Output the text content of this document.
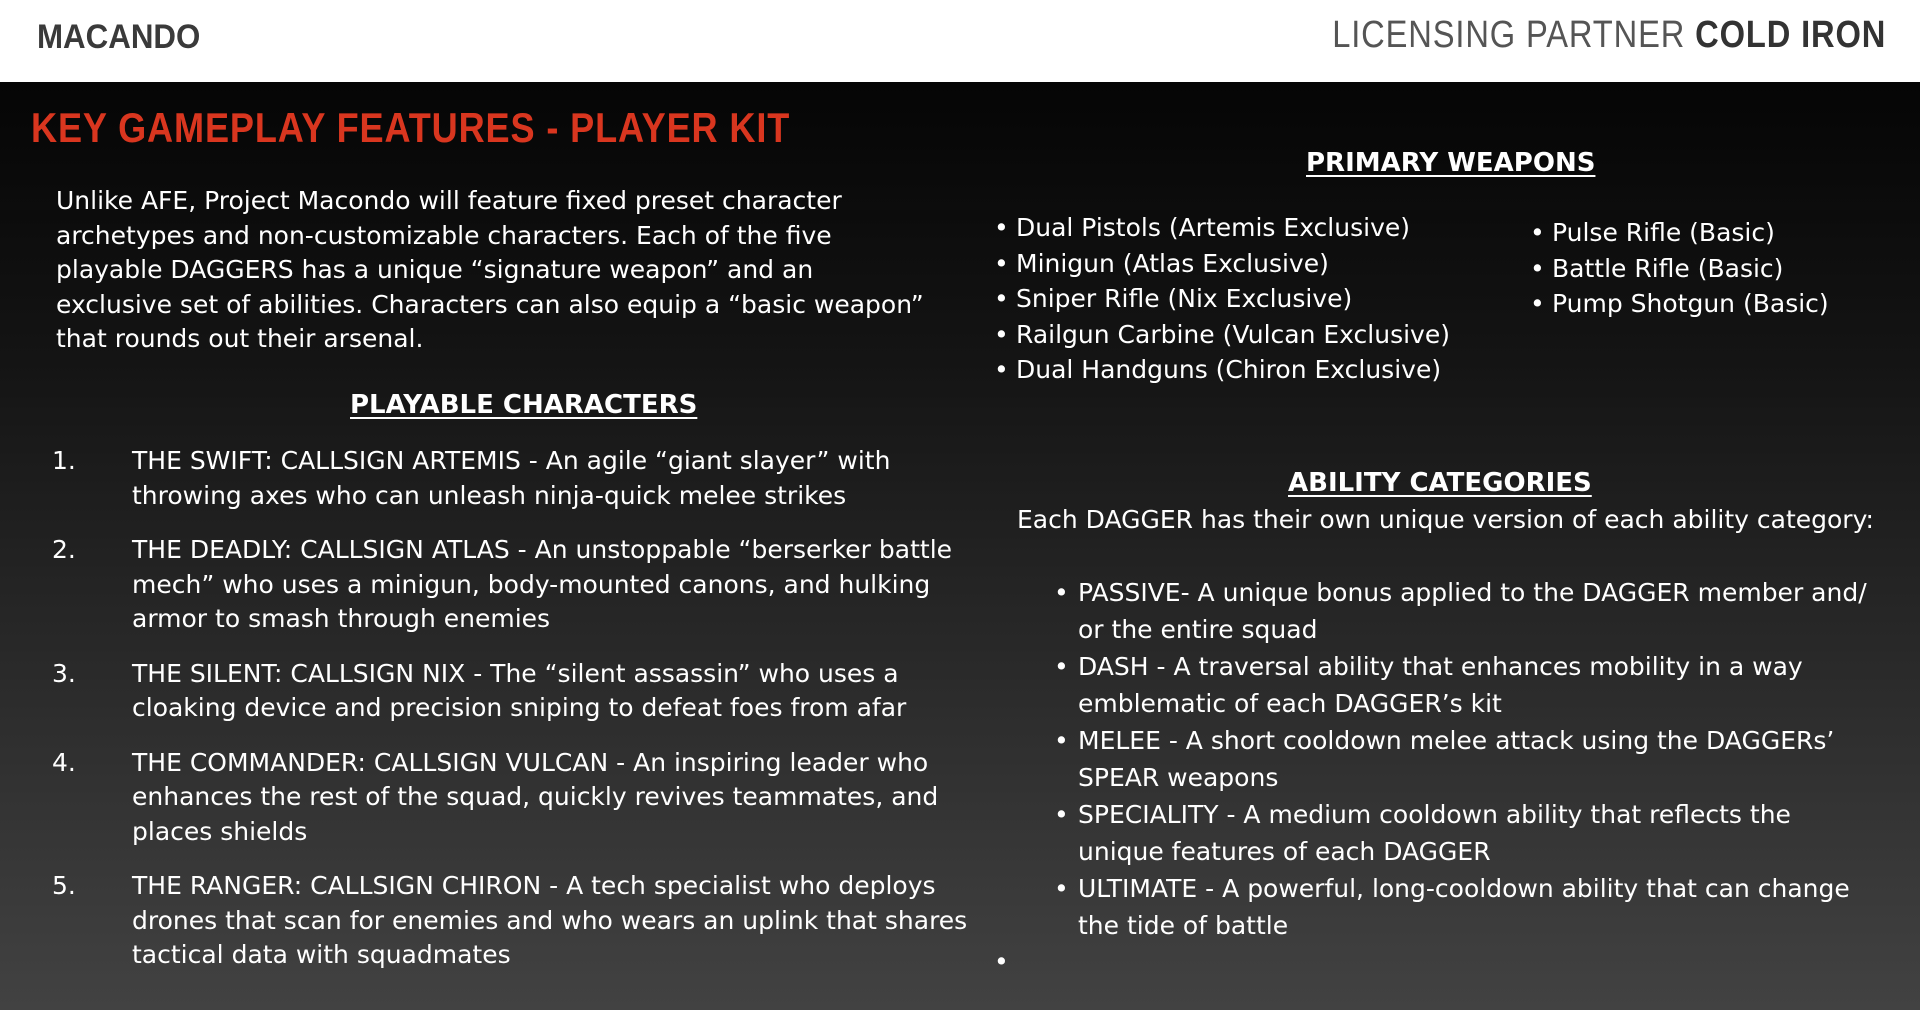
MACANDO	LICENSING PARTNER COLD IRON
KEY GAMEPLAY FEATURES - PLAYER KIT

Unlike AFE, Project Macondo will feature fixed preset character archetypes and non-customizable characters. Each of the five playable DAGGERS has a unique “signature weapon” and an exclusive set of abilities. Characters can also equip a “basic weapon” that rounds out their arsenal.

PLAYABLE CHARACTERS
1. THE SWIFT: CALLSIGN ARTEMIS - An agile “giant slayer” with throwing axes who can unleash ninja-quick melee strikes
2. THE DEADLY: CALLSIGN ATLAS - An unstoppable “berserker battle mech” who uses a minigun, body-mounted canons, and hulking armor to smash through enemies
3. THE SILENT: CALLSIGN NIX - The “silent assassin” who uses a cloaking device and precision sniping to defeat foes from afar
4. THE COMMANDER: CALLSIGN VULCAN - An inspiring leader who enhances the rest of the squad, quickly revives teammates, and places shields
5. THE RANGER: CALLSIGN CHIRON - A tech specialist who deploys drones that scan for enemies and who wears an uplink that shares tactical data with squadmates
PRIMARY WEAPONS
• Dual Pistols (Artemis Exclusive)
• Minigun (Atlas Exclusive)
• Sniper Rifle (Nix Exclusive)
• Railgun Carbine (Vulcan Exclusive)
• Dual Handguns (Chiron Exclusive)
• Pulse Rifle (Basic)
• Battle Rifle (Basic)
• Pump Shotgun (Basic)
ABILITY CATEGORIES

Each DAGGER has their own unique version of each ability category:

• PASSIVE- A unique bonus applied to the DAGGER member and/ or the entire squad
• DASH - A traversal ability that enhances mobility in a way emblematic of each DAGGER’s kit
• MELEE - A short cooldown melee attack using the DAGGERs’ SPEAR weapons
• SPECIALITY - A medium cooldown ability that reflects the unique features of each DAGGER
• ULTIMATE - A powerful, long-cooldown ability that can change the tide of battle
•
